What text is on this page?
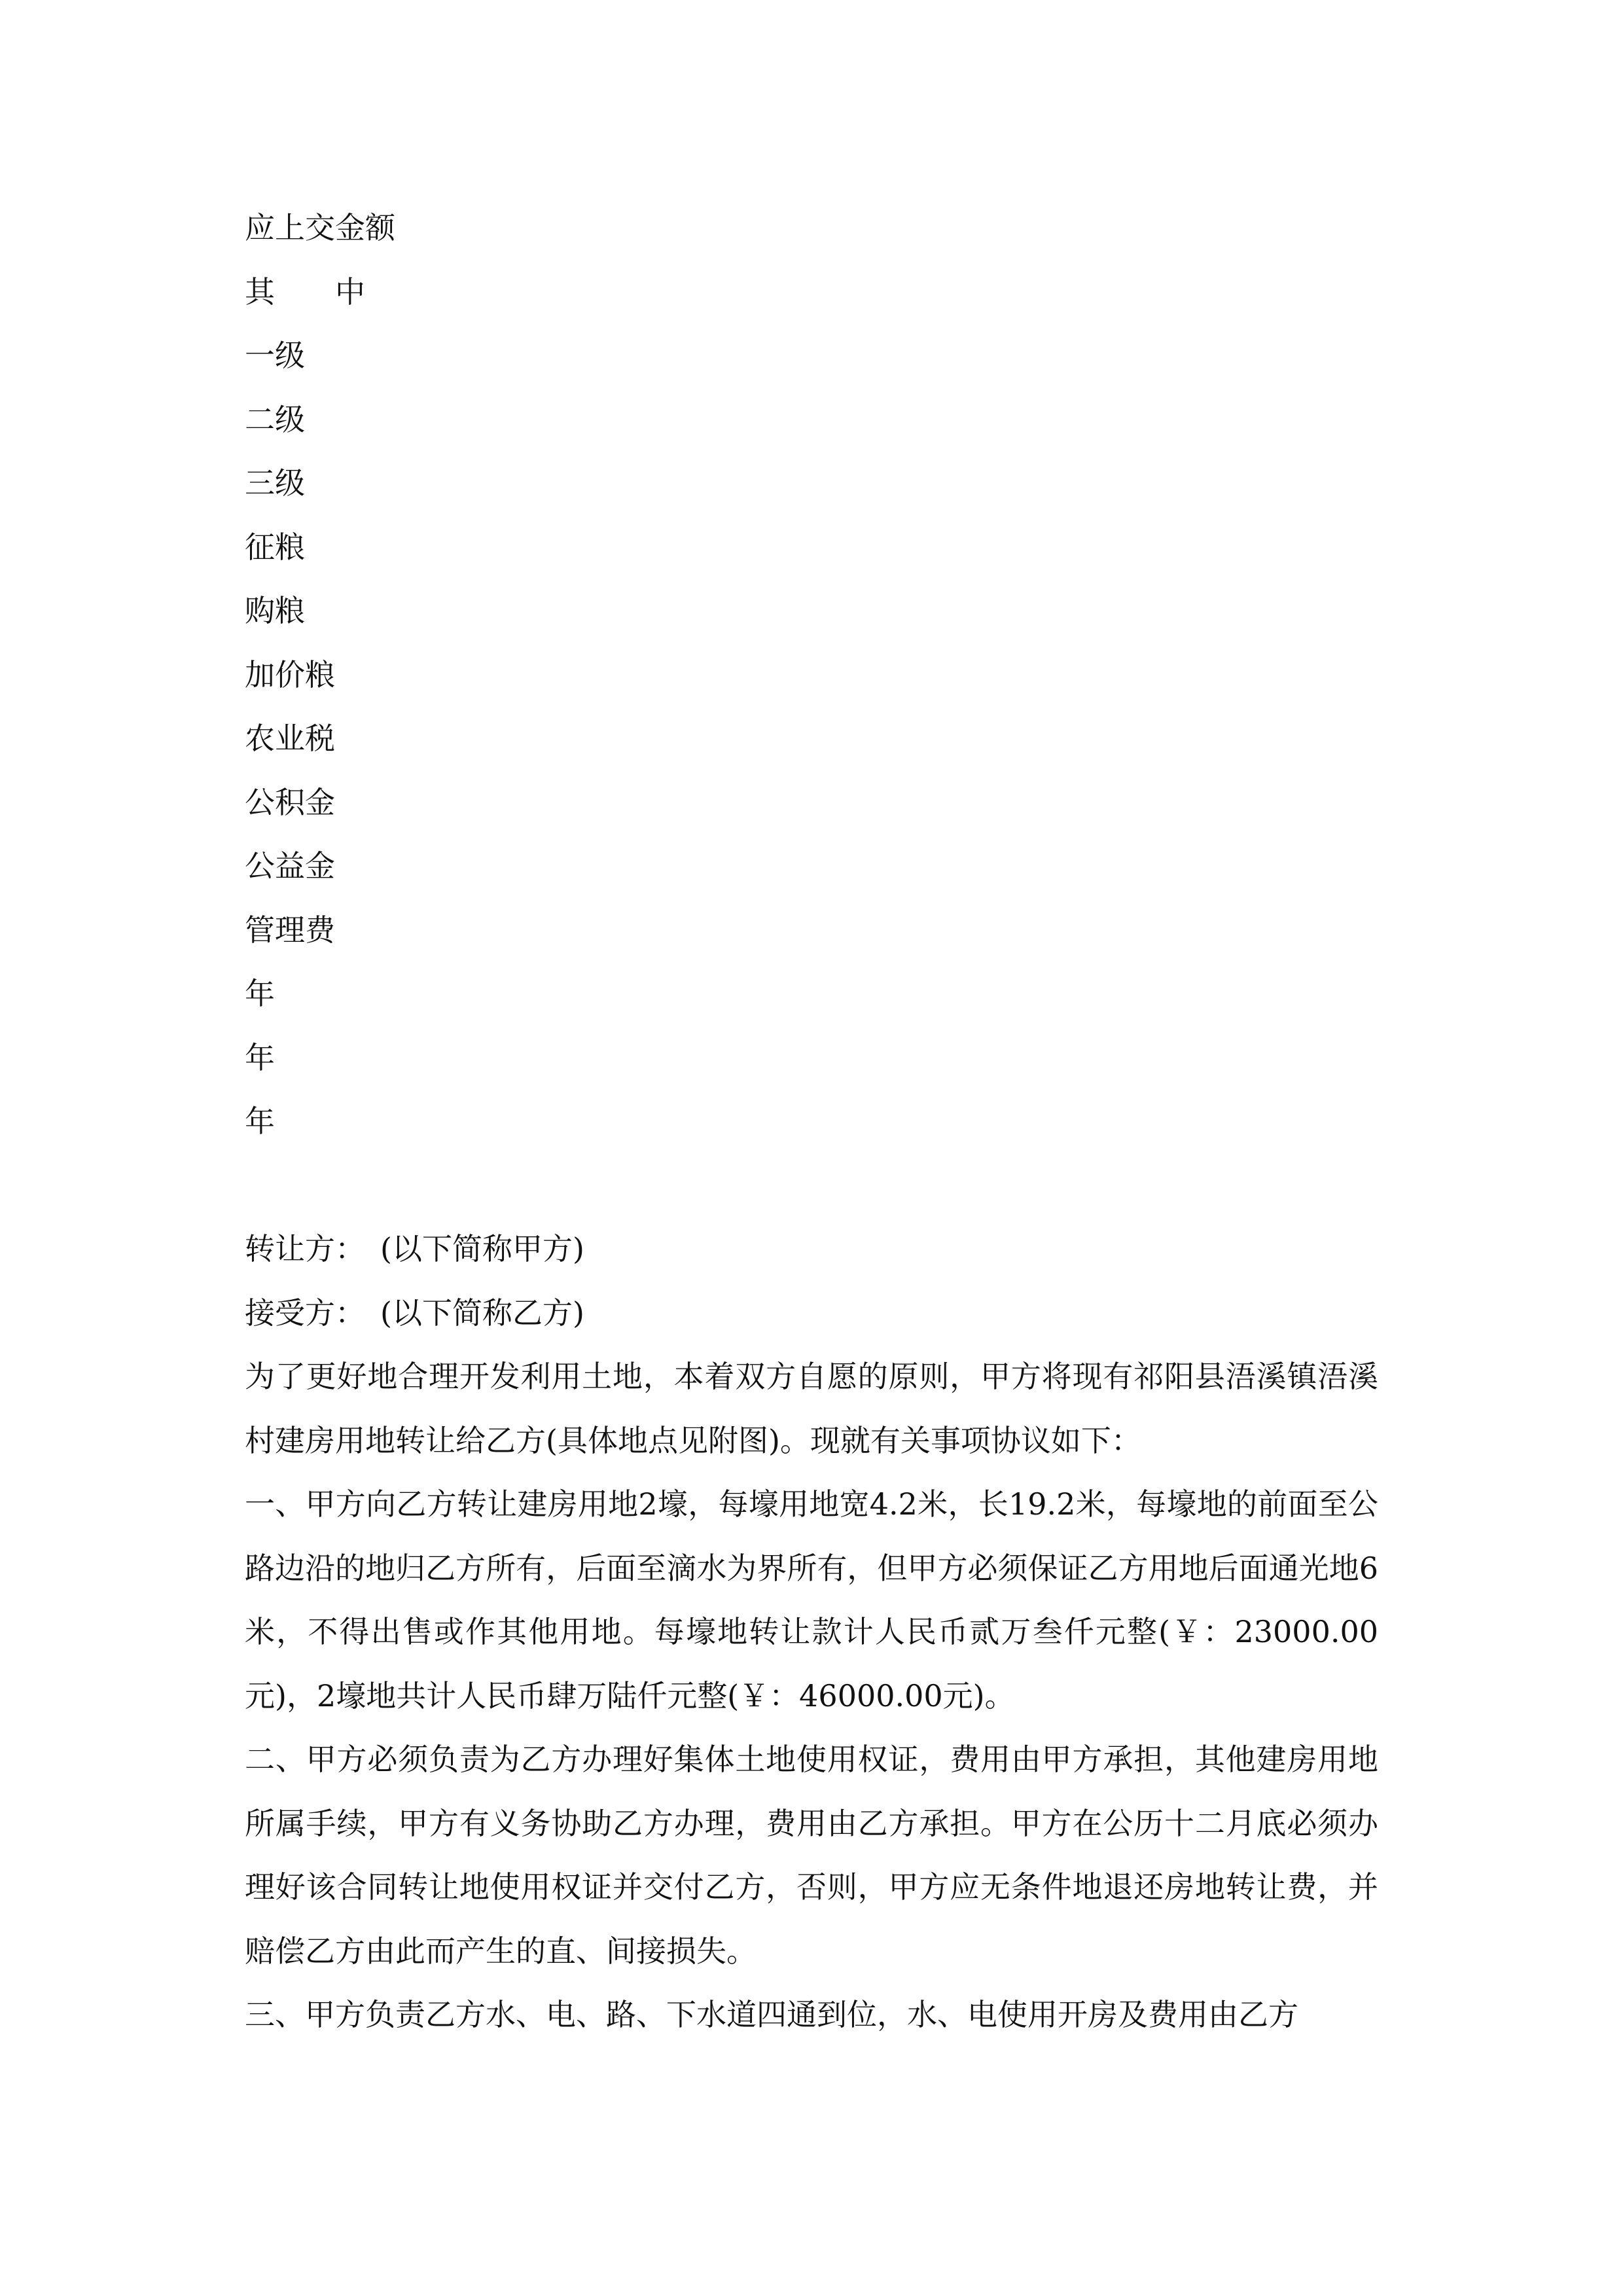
应上交金额
其　　中
一级
二级
三级
征粮
购粮
加价粮
农业税
公积金
公益金
管理费
年
年
年

转让方：　(以下简称甲方)

接受方：　(以下简称乙方)

为了更好地合理开发利用土地，本着双方自愿的原则，甲方将现有祁阳县浯溪镇浯溪村建房用地转让给乙方(具体地点见附图)。现就有关事项协议如下：

一、甲方向乙方转让建房用地2壕，每壕用地宽4.2米，长19.2米，每壕地的前面至公路边沿的地归乙方所有，后面至滴水为界所有，但甲方必须保证乙方用地后面通光地6米，不得出售或作其他用地。每壕地转让款计人民币贰万叁仟元整(￥：23000.00元)，2壕地共计人民币肆万陆仟元整(￥：46000.00元)。

二、甲方必须负责为乙方办理好集体土地使用权证，费用由甲方承担，其他建房用地所属手续，甲方有义务协助乙方办理，费用由乙方承担。甲方在公历十二月底必须办理好该合同转让地使用权证并交付乙方，否则，甲方应无条件地退还房地转让费，并赔偿乙方由此而产生的直、间接损失。

三、甲方负责乙方水、电、路、下水道四通到位，水、电使用开房及费用由乙方
